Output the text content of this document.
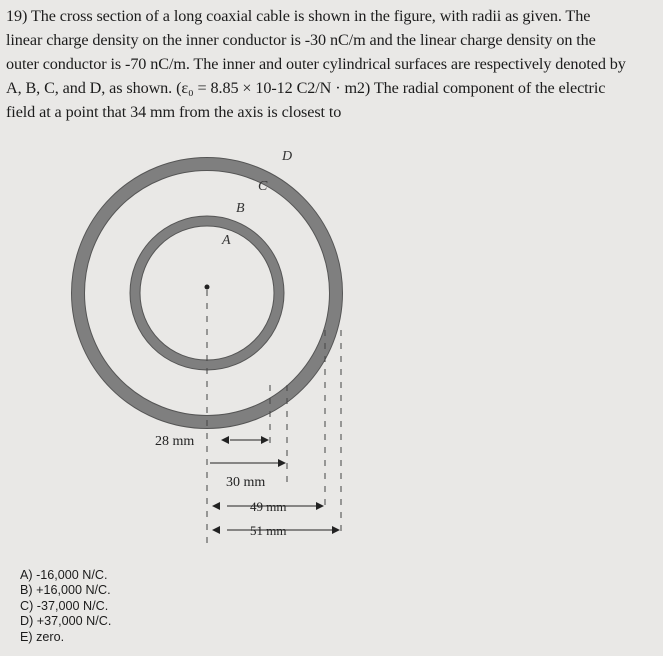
19) The cross section of a long coaxial cable is shown in the figure, with radii as given. The
linear charge density on the inner conductor is -30 nC/m and the linear charge density on the
outer conductor is -70 nC/m. The inner and outer cylindrical surfaces are respectively denoted by
A, B, C, and D, as shown. (ε₀ = 8.85 × 10-12 C2/N · m2) The radial component of the electric
field at a point that 34 mm from the axis is closest to
A
B
C
D
28 mm
30 mm
49 mm
51 mm
A) -16,000 N/C.
B) +16,000 N/C.
C) -37,000 N/C.
D) +37,000 N/C.
E) zero.
